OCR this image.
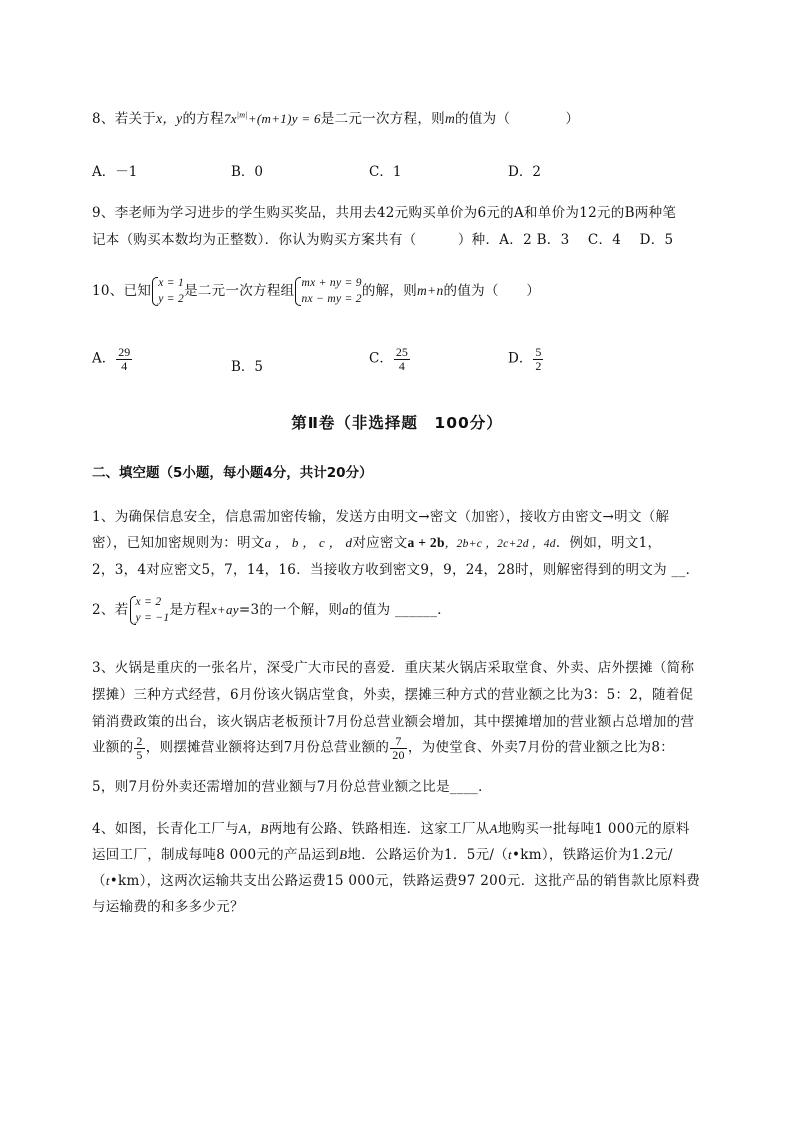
8、若关于x，y的方程$7x^{|m|}+(m+1)y = 6$是二元一次方程，则m的值为（　　　　）
A．－1	B．0	C．1	D．2
9、李老师为学习进步的学生购买奖品，共用去42元购买单价为6元的A和单价为12元的B两种笔
记本（购买本数均为正整数）．你认为购买方案共有（　　　）种．A．2 B．3　 C．4　 D．5
10、已知
x = 1
y = 2 是二元一次方程组
mx + ny = 9
nx − my = 2 的解，则m+n的值为（　　）
A． $\frac{29}{4}$	B．5
C． $\frac{25}{4}$	D． $\frac{5}{2}$
第Ⅱ卷（非选择题　100分）
二、填空题（5小题，每小题4分，共计20分）
1、为确保信息安全，信息需加密传输，发送方由明文→密文（加密），接收方由密文→明文（解
密），已知加密规则为：明文a ， b ， c ， d对应密文a + 2b，2b+c ，2c+2d ，4d．例如，明文1，
2，3，4对应密文5，7，14，16．当接收方收到密文9，9，24，28时，则解密得到的明文为 __．
2、若
x = 2
y = −1 是方程x+ay=3的一个解，则a的值为 ______．
3、火锅是重庆的一张名片，深受广大市民的喜爱．重庆某火锅店采取堂食、外卖、店外摆摊（简称
摆摊）三种方式经营，6月份该火锅店堂食，外卖，摆摊三种方式的营业额之比为3：5：2，随着促
销消费政策的出台，该火锅店老板预计7月份总营业额会增加，其中摆摊增加的营业额占总增加的营
业额的 $\frac{2}{5}$ ，则摆摊营业额将达到7月份总营业额的 $\frac{7}{20}$ ，为使堂食、外卖7月份的营业额之比为8：
5，则7月份外卖还需增加的营业额与7月份总营业额之比是____．
4、如图，长青化工厂与A，B两地有公路、铁路相连．这家工厂从A地购买一批每吨1 000元的原料
运回工厂，制成每吨8 000元的产品运到B地．公路运价为1．5元/（t•km），铁路运价为1.2元/
（t•km），这两次运输共支出公路运费15 000元，铁路运费97 200元．这批产品的销售款比原料费
与运输费的和多多少元？
